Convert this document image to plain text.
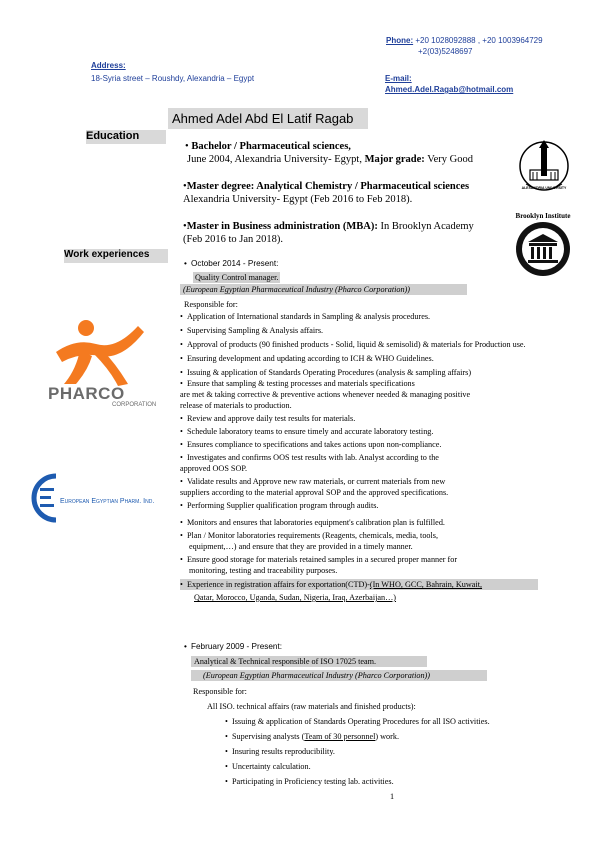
Phone: +20 1028092888 , +20 1003964729
+2(03)5248697
Address:
18-Syria street – Roushdy, Alexandria – Egypt	E-mail:
Ahmed.Adel.Ragab@hotmail.com
Ahmed Adel Abd El Latif Ragab
Education
Work experiences
• Bachelor / Pharmaceutical sciences,
June 2004, Alexandria University- Egypt, Major grade: Very Good
•Master degree: Analytical Chemistry / Pharmaceutical sciences
Alexandria University- Egypt (Feb 2016 to Feb 2018).
•Master in Business administration (MBA): In Brooklyn Academy
(Feb 2016 to Jan 2018).
ALEXANDRIA UNIVERSITY
Brooklyn Institute
PHARCO
CORPORATION
European Egyptian Pharm. Ind.
• October 2014 - Present:
Quality Control manager.
(European Egyptian Pharmaceutical Industry (Pharco Corporation))
Responsible for:
• Application of International standards in Sampling & analysis procedures.
• Supervising Sampling & Analysis affairs.
• Approval of products (90 finished products - Solid, liquid & semisolid) & materials for Production use.
• Ensuring development and updating according to ICH & WHO Guidelines.
• Issuing & application of Standards Operating Procedures (analysis & sampling affairs)
• Ensure that sampling & testing processes and materials specifications
are met & taking corrective & preventive actions whenever needed & managing positive
release of materials to production.
• Review and approve daily test results for materials.
• Schedule laboratory teams to ensure timely and accurate laboratory testing.
• Ensures compliance to specifications and takes actions upon non-compliance.
• Investigates and confirms OOS test results with lab. Analyst according to the
approved OOS SOP.
• Validate results and Approve new raw materials, or current materials from new
suppliers according to the material approval SOP and the approved specifications.
• Performing Supplier qualification program through audits.
• Monitors and ensures that laboratories equipment's calibration plan is fulfilled.
• Plan / Monitor laboratories requirements (Reagents, chemicals, media, tools,
equipment,…) and ensure that they are provided in a timely manner.
• Ensure good storage for materials retained samples in a secured proper manner for
monitoring, testing and traceability purposes.
• Experience in registration affairs for exportation(CTD)-(In WHO, GCC, Bahrain, Kuwait,
Qatar, Morocco, Uganda, Sudan, Nigeria, Iraq, Azerbaijan…)
• February 2009 - Present:
Analytical & Technical responsible of ISO 17025 team.
(European Egyptian Pharmaceutical Industry (Pharco Corporation))
Responsible for:
All ISO. technical affairs (raw materials and finished products):
• Issuing & application of Standards Operating Procedures for all ISO activities.
• Supervising analysts (Team of 30 personnel) work.
• Insuring results reproducibility.
• Uncertainty calculation.
• Participating in Proficiency testing lab. activities.
1
